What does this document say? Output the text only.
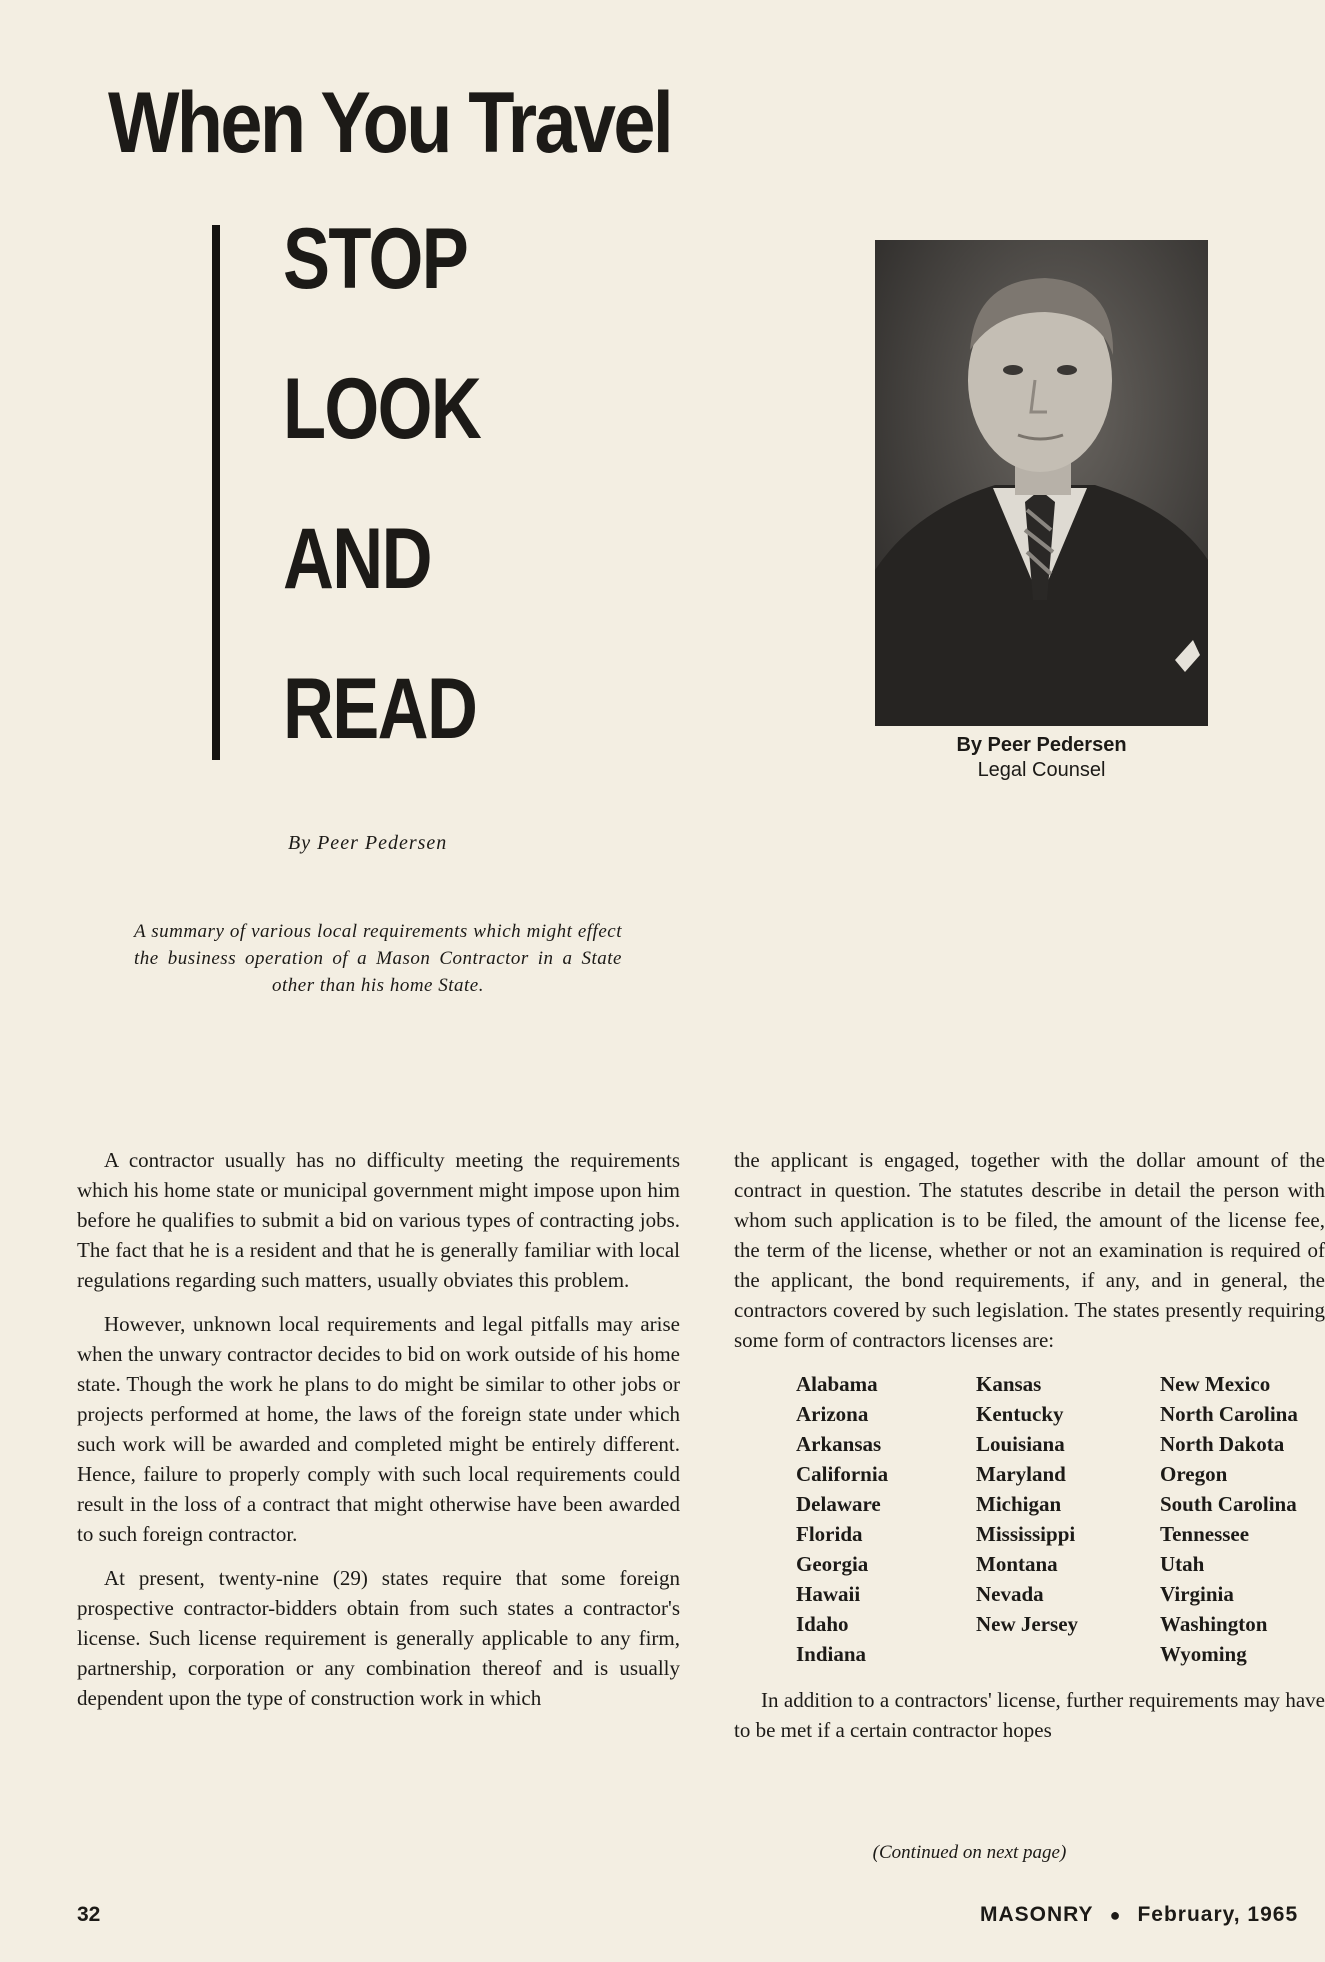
When You Travel
STOP
LOOK
AND
READ
By Peer Pedersen

A summary of various local requirements which might effect the business operation of a Mason Contractor in a State other than his home State.

By Peer Pedersen
Legal Counsel

A contractor usually has no difficulty meeting the requirements which his home state or municipal government might impose upon him before he qualifies to submit a bid on various types of contracting jobs. The fact that he is a resident and that he is generally familiar with local regulations regarding such matters, usually obviates this problem.

However, unknown local requirements and legal pitfalls may arise when the unwary contractor decides to bid on work outside of his home state. Though the work he plans to do might be similar to other jobs or projects performed at home, the laws of the foreign state under which such work will be awarded and completed might be entirely different. Hence, failure to properly comply with such local requirements could result in the loss of a contract that might otherwise have been awarded to such foreign contractor.

At present, twenty-nine (29) states require that some foreign prospective contractor-bidders obtain from such states a contractor's license. Such license requirement is generally applicable to any firm, partnership, corporation or any combination thereof and is usually dependent upon the type of construction work in which

the applicant is engaged, together with the dollar amount of the contract in question. The statutes describe in detail the person with whom such application is to be filed, the amount of the license fee, the term of the license, whether or not an examination is required of the applicant, the bond requirements, if any, and in general, the contractors covered by such legislation. The states presently requiring some form of contractors licenses are:

Alabama
Arizona
Arkansas
California
Delaware
Florida
Georgia
Hawaii
Idaho
Indiana
Kansas
Kentucky
Louisiana
Maryland
Michigan
Mississippi
Montana
Nevada
New Jersey
New Mexico
North Carolina
North Dakota
Oregon
South Carolina
Tennessee
Utah
Virginia
Washington
Wyoming

In addition to a contractors' license, further requirements may have to be met if a certain contractor hopes

(Continued on next page)
32	MASONRY ● February, 1965
